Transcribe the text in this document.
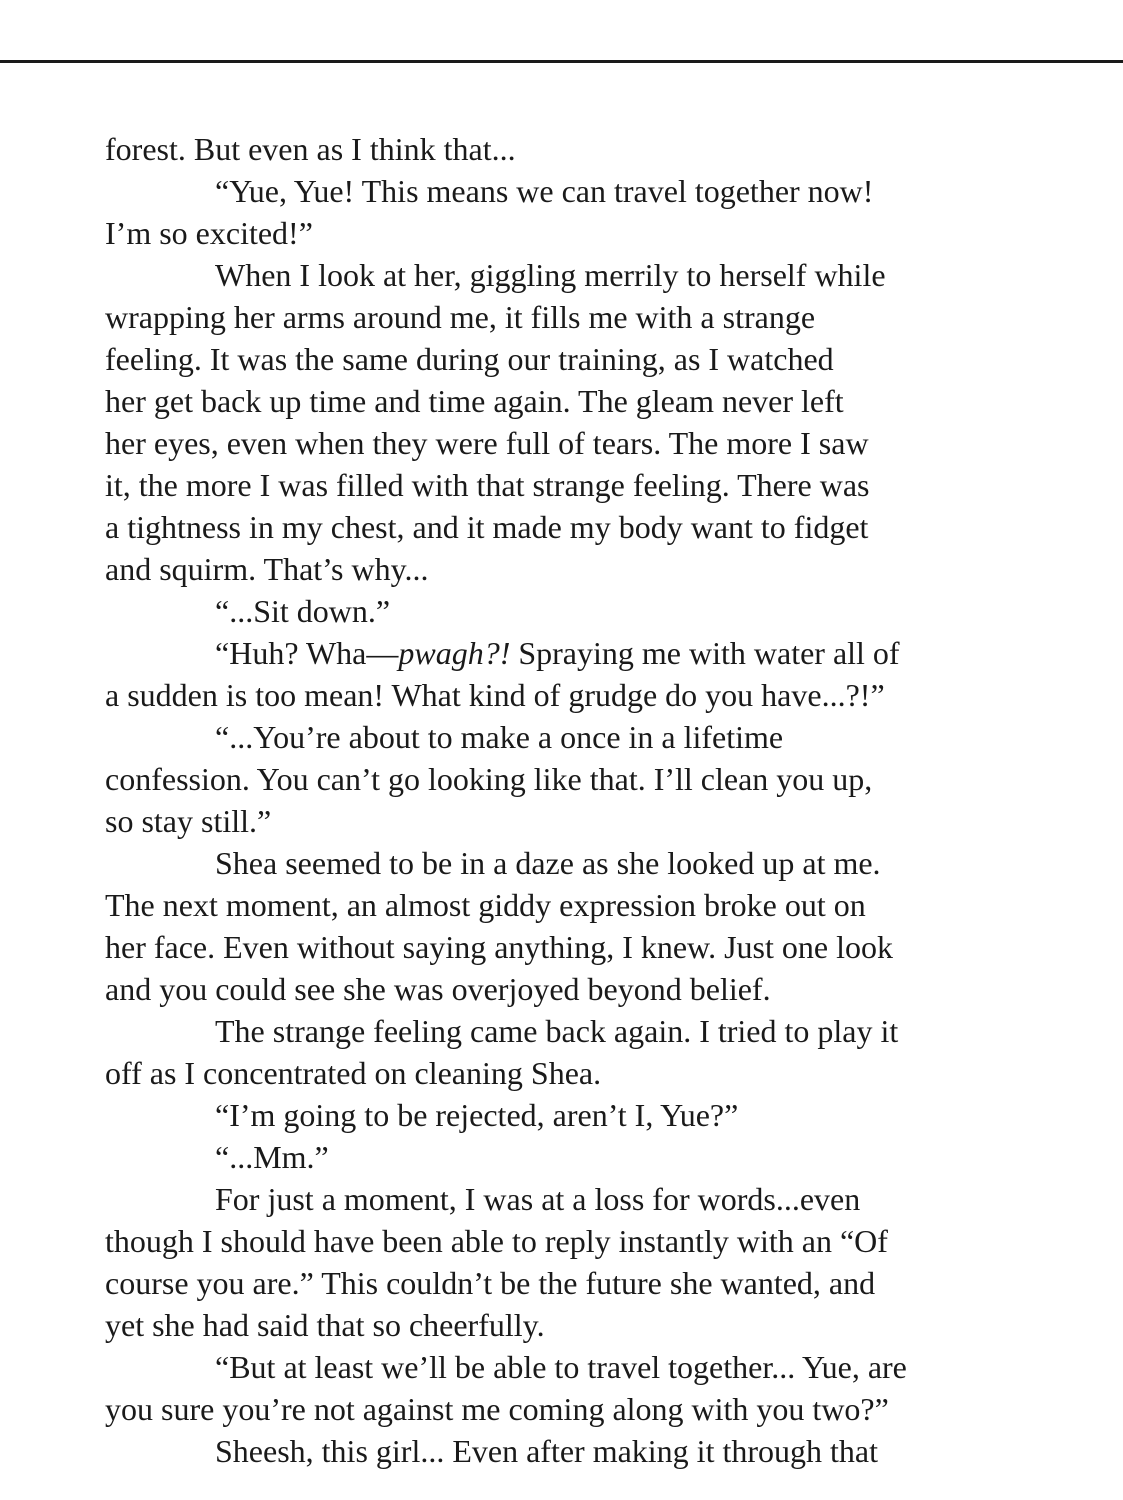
forest. But even as I think that...
“Yue, Yue! This means we can travel together now!
I’m so excited!”
When I look at her, giggling merrily to herself while
wrapping her arms around me, it fills me with a strange
feeling. It was the same during our training, as I watched
her get back up time and time again. The gleam never left
her eyes, even when they were full of tears. The more I saw
it, the more I was filled with that strange feeling. There was
a tightness in my chest, and it made my body want to fidget
and squirm. That’s why...
“...Sit down.”
“Huh? Wha—pwagh?! Spraying me with water all of
a sudden is too mean! What kind of grudge do you have...?!”
“...You’re about to make a once in a lifetime
confession. You can’t go looking like that. I’ll clean you up,
so stay still.”
Shea seemed to be in a daze as she looked up at me.
The next moment, an almost giddy expression broke out on
her face. Even without saying anything, I knew. Just one look
and you could see she was overjoyed beyond belief.
The strange feeling came back again. I tried to play it
off as I concentrated on cleaning Shea.
“I’m going to be rejected, aren’t I, Yue?”
“...Mm.”
For just a moment, I was at a loss for words...even
though I should have been able to reply instantly with an “Of
course you are.” This couldn’t be the future she wanted, and
yet she had said that so cheerfully.
“But at least we’ll be able to travel together... Yue, are
you sure you’re not against me coming along with you two?”
Sheesh, this girl... Even after making it through that
